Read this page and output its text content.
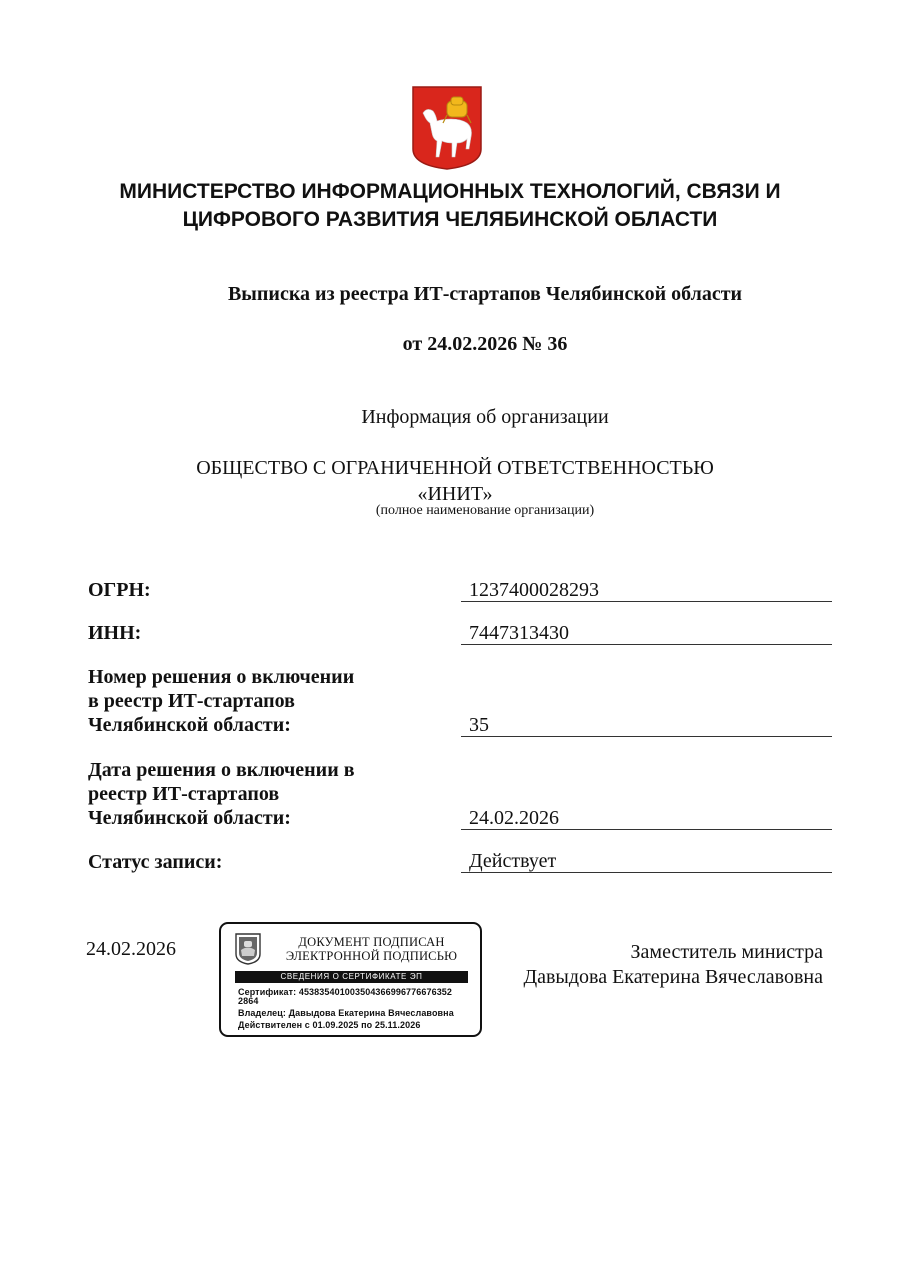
МИНИСТЕРСТВО ИНФОРМАЦИОННЫХ ТЕХНОЛОГИЙ, СВЯЗИ И
ЦИФРОВОГО РАЗВИТИЯ ЧЕЛЯБИНСКОЙ ОБЛАСТИ
Выписка из реестра ИТ-стартапов Челябинской области
от 24.02.2026 № 36
Информация об организации
ОБЩЕСТВО С ОГРАНИЧЕННОЙ ОТВЕТСТВЕННОСТЬЮ
«ИНИТ»
(полное наименование организации)
ОГРН:	1237400028293
ИНН:	7447313430
Номер решения о включении
в реестр ИТ-стартапов
Челябинской области:	35
Дата решения о включении в
реестр ИТ-стартапов
Челябинской области:	24.02.2026
Статус записи:	Действует
24.02.2026	ДОКУМЕНТ ПОДПИСАН
ЭЛЕКТРОННОЙ ПОДПИСЬЮ
СВЕДЕНИЯ О СЕРТИФИКАТЕ ЭП
Сертификат: 453835401003504366996776676352
2864
Владелец: Давыдова Екатерина Вячеславовна
Действителен с 01.09.2025 по 25.11.2026
Заместитель министра
Давыдова Екатерина Вячеславовна
